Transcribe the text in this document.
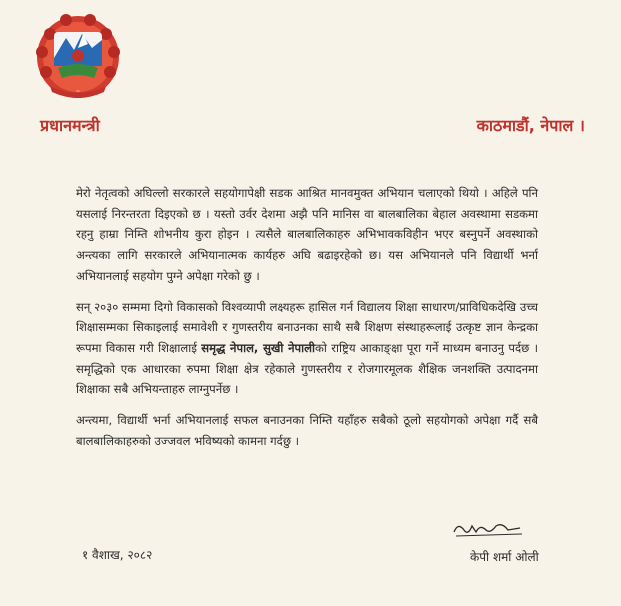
~
प्रधानमन्त्री	काठमाडौं, नेपाल ।

मेरो नेतृत्वको अघिल्लो सरकारले सहयोगापेक्षी सडक आश्रित मानवमुक्त अभियान चलाएको थियो । अहिले पनि यसलाई निरन्तरता दिइएको छ । यस्तो उर्वर देशमा अझै पनि मानिस वा बालबालिका बेहाल अवस्थामा सडकमा रहनु हाम्रा निम्ति शोभनीय कुरा होइन । त्यसैले बालबालिकाहरु अभिभावकविहीन भएर बस्नुपर्ने अवस्थाको अन्त्यका लागि सरकारले अभियानात्मक कार्यहरु अघि बढाइरहेको छ। यस अभियानले पनि विद्यार्थी भर्ना अभियानलाई सहयोग पुग्ने अपेक्षा गरेको छु ।

सन् २०३० सम्ममा दिगो विकासको विश्वव्यापी लक्ष्यहरू हासिल गर्न विद्यालय शिक्षा साधारण/प्राविधिकदेखि उच्च शिक्षासम्मका सिकाइलाई समावेशी र गुणस्तरीय बनाउनका साथै सबै शिक्षण संस्थाहरूलाई उत्कृष्ट ज्ञान केन्द्रका रूपमा विकास गरी शिक्षालाई समृद्ध नेपाल, सुखी नेपालीको राष्ट्रिय आकाङ्क्षा पूरा गर्ने माध्यम बनाउनु पर्दछ । समृद्धिको एक आधारका रुपमा शिक्षा क्षेत्र रहेकाले गुणस्तरीय र रोजगारमूलक शैक्षिक जनशक्ति उत्पादनमा शिक्षाका सबै अभियन्ताहरु लाग्नुपर्नेछ ।

अन्त्यमा, विद्यार्थी भर्ना अभियानलाई सफल बनाउनका निम्ति यहाँहरु सबैको ठूलो सहयोगको अपेक्षा गर्दै सबै बालबालिकाहरुको उज्जवल भविष्यको कामना गर्दछु ।

१ वैशाख, २०८२	केपी शर्मा ओली
